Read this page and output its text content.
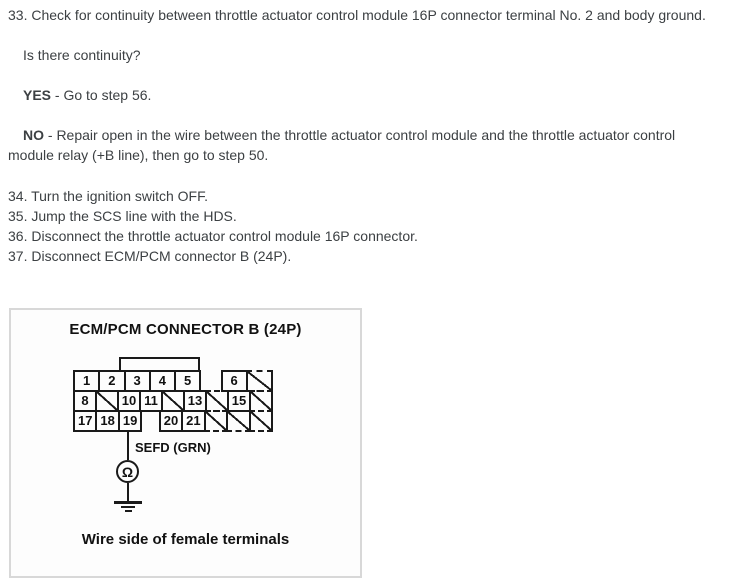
33. Check for continuity between throttle actuator control module 16P connector terminal No. 2 and body ground.
Is there continuity?
YES - Go to step 56.
NO - Repair open in the wire between the throttle actuator control module and the throttle actuator control
module relay (+B line), then go to step 50.
34. Turn the ignition switch OFF.
35. Jump the SCS line with the HDS.
36. Disconnect the throttle actuator control module 16P connector.
37. Disconnect ECM/PCM connector B (24P).
ECM/PCM CONNECTOR B (24P)
1	2	3	4	5	6
8	10 11	13	15
17 18 19	20 21
SEFD (GRN)
Ω
Wire side of female terminals
